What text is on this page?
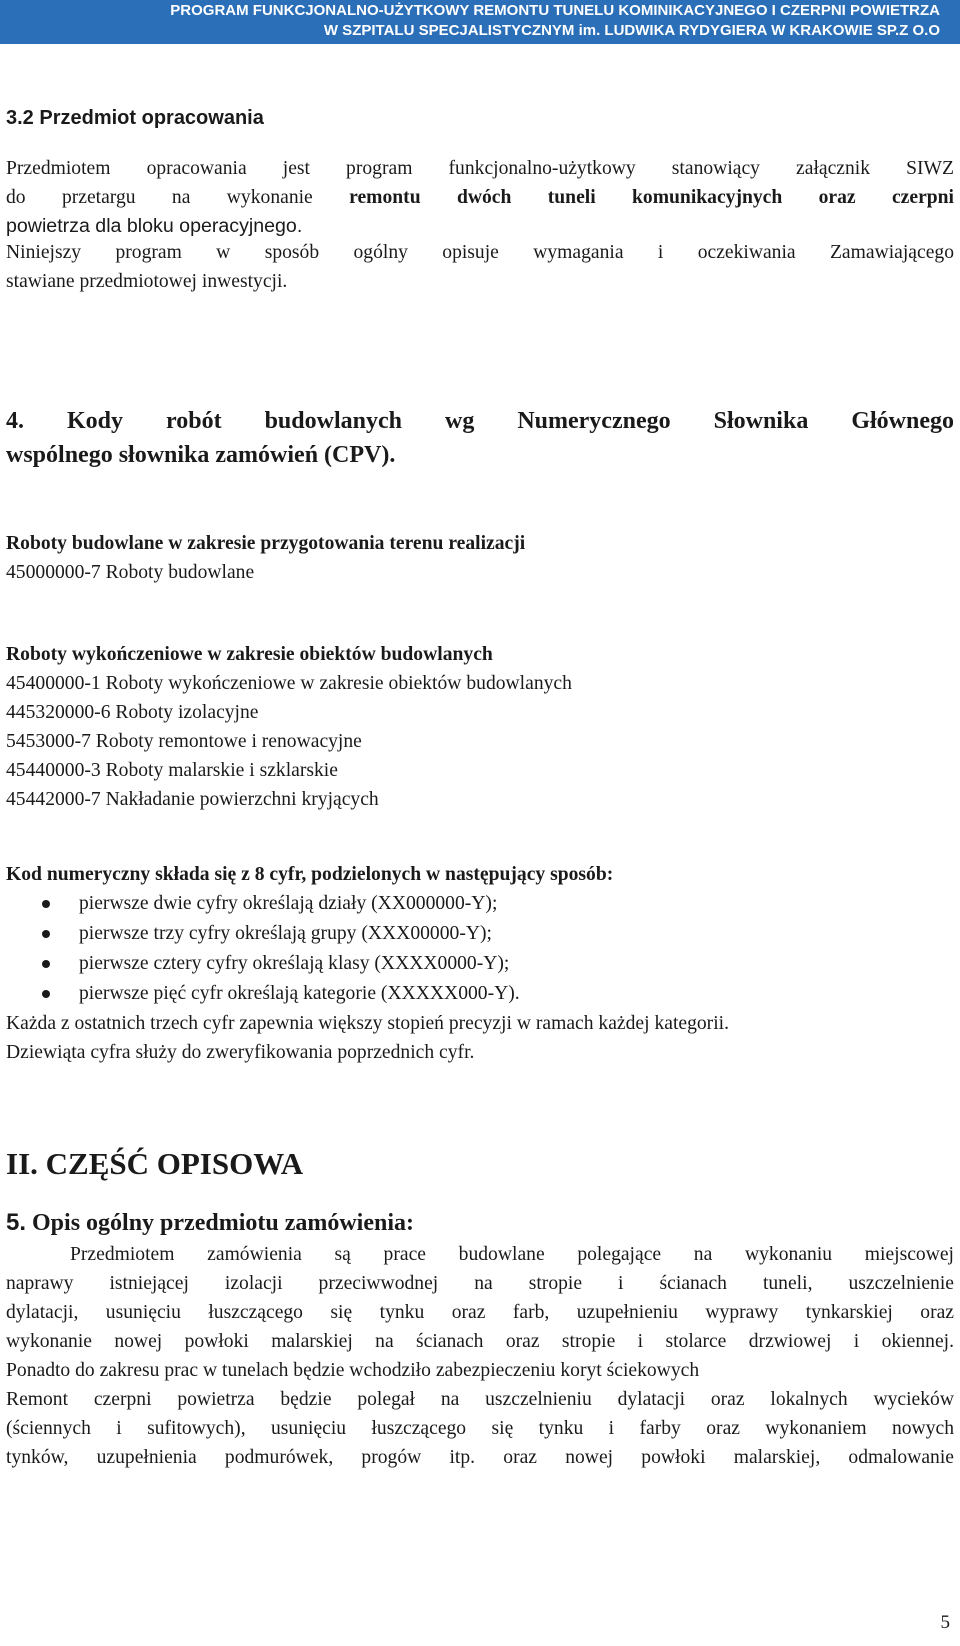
PROGRAM FUNKCJONALNO-UŻYTKOWY REMONTU TUNELU KOMINIKACYJNEGO I CZERPNI POWIETRZA
W SZPITALU SPECJALISTYCZNYM im. LUDWIKA RYDYGIERA W KRAKOWIE SP.Z O.O
3.2 Przedmiot opracowania
Przedmiotem opracowania jest program funkcjonalno-użytkowy stanowiący załącznik SIWZ
do przetargu na wykonanie remontu dwóch tuneli komunikacyjnych oraz czerpni
powietrza dla bloku operacyjnego.
Niniejszy program w sposób ogólny opisuje wymagania i oczekiwania Zamawiającego
stawiane przedmiotowej inwestycji.
4. Kody robót budowlanych wg Numerycznego Słownika Głównego
wspólnego słownika zamówień (CPV).
Roboty budowlane w zakresie przygotowania terenu realizacji
45000000-7 Roboty budowlane
Roboty wykończeniowe w zakresie obiektów budowlanych
45400000-1 Roboty wykończeniowe w zakresie obiektów budowlanych
445320000-6 Roboty izolacyjne
5453000-7 Roboty remontowe i renowacyjne
45440000-3 Roboty malarskie i szklarskie
45442000-7 Nakładanie powierzchni kryjących
Kod numeryczny składa się z 8 cyfr, podzielonych w następujący sposób:
pierwsze dwie cyfry określają działy (XX000000-Y);
pierwsze trzy cyfry określają grupy (XXX00000-Y);
pierwsze cztery cyfry określają klasy (XXXX0000-Y);
pierwsze pięć cyfr określają kategorie (XXXXX000-Y).
Każda z ostatnich trzech cyfr zapewnia większy stopień precyzji w ramach każdej kategorii.
Dziewiąta cyfra służy do zweryfikowania poprzednich cyfr.
II. CZĘŚĆ OPISOWA
5. Opis ogólny przedmiotu zamówienia:
Przedmiotem zamówienia są prace budowlane polegające na wykonaniu miejscowej
naprawy istniejącej izolacji przeciwwodnej na stropie i ścianach tuneli, uszczelnienie
dylatacji, usunięciu łuszczącego się tynku oraz farb, uzupełnieniu wyprawy tynkarskiej oraz
wykonanie nowej powłoki malarskiej na ścianach oraz stropie i stolarce drzwiowej i okiennej.
Ponadto do zakresu prac w tunelach będzie wchodziło zabezpieczeniu koryt ściekowych
Remont czerpni powietrza będzie polegał na uszczelnieniu dylatacji oraz lokalnych wycieków
(ściennych i sufitowych), usunięciu łuszczącego się tynku i farby oraz wykonaniem nowych
tynków, uzupełnienia podmurówek, progów itp. oraz nowej powłoki malarskiej, odmalowanie
5
